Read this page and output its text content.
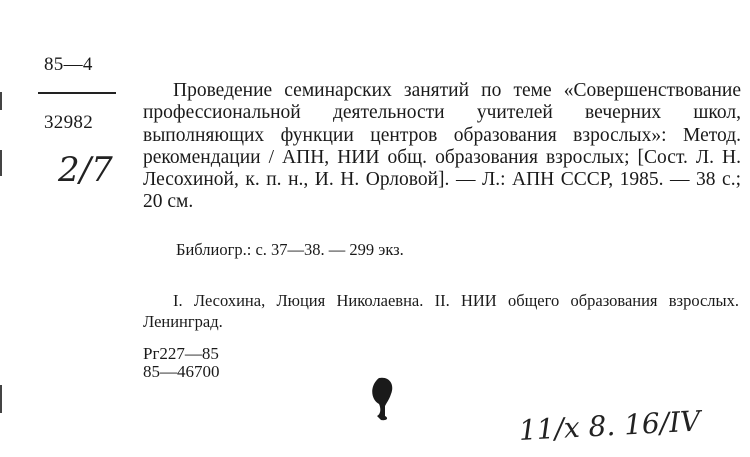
85—4
32982
2/7

Проведение семинарских занятий по теме «Совершенствование профессиональной деятельности учителей вечерних школ, выполняющих функции центров образования взрослых»: Метод. рекомендации / АПН, НИИ общ. образования взрослых; [Сост. Л. Н. Лесохиной, к. п. н., И. Н. Орловой]. — Л.: АПН СССР, 1985. — 38 с.; 20 см.

Библиогр.: с. 37—38. — 299 экз.

I. Лесохина, Люция Николаевна. II. НИИ общего образования взрослых. Ленинград.

Рг227—85

85—46700

11/x 8. 16/IV
